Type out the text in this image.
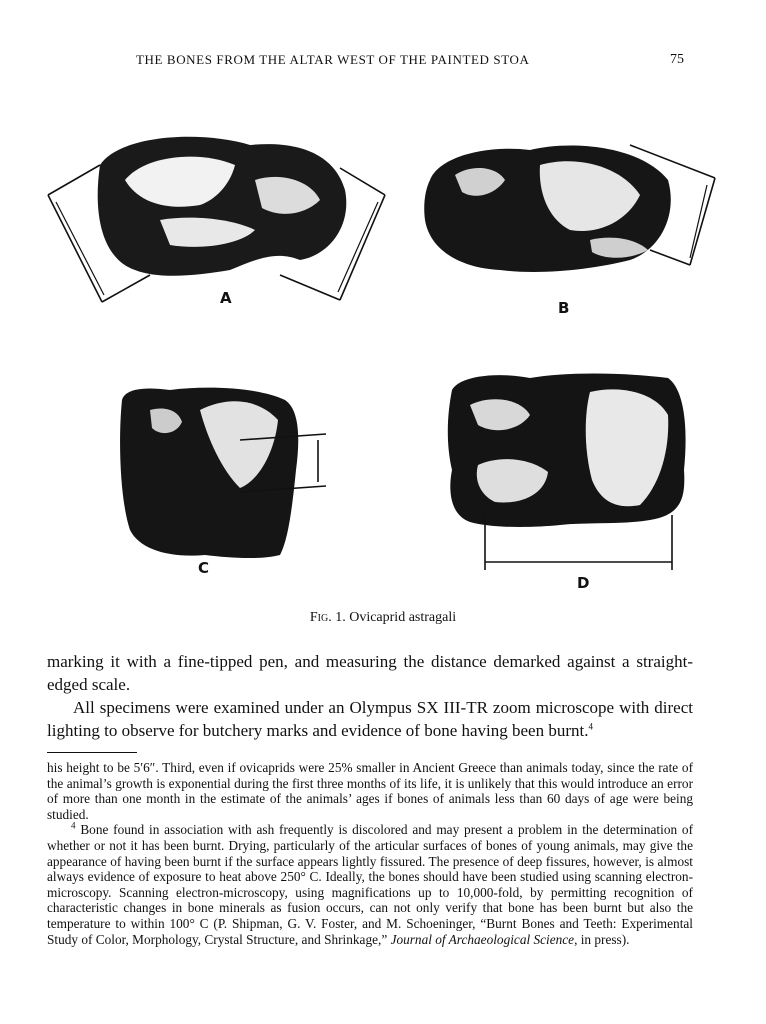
THE BONES FROM THE ALTAR WEST OF THE PAINTED STOA	75
A
B
C
D
Fig. 1. Ovicaprid astragali

marking it with a fine-tipped pen, and measuring the distance demarked against a straight-edged scale.

All specimens were examined under an Olympus SX III-TR zoom microscope with direct lighting to observe for butchery marks and evidence of bone having been burnt.$^4$

his height to be 5′6″. Third, even if ovicaprids were 25% smaller in Ancient Greece than animals today, since the rate of the animal’s growth is exponential during the first three months of its life, it is unlikely that this would introduce an error of more than one month in the estimate of the animals’ ages if bones of animals less than 60 days of age were being studied.

$^4$ Bone found in association with ash frequently is discolored and may present a problem in the determination of whether or not it has been burnt. Drying, particularly of the articular surfaces of bones of young animals, may give the appearance of having been burnt if the surface appears lightly fissured. The presence of deep fissures, however, is almost always evidence of exposure to heat above 250° C. Ideally, the bones should have been studied using scanning electron-microscopy. Scanning electron-microscopy, using magnifications up to 10,000-fold, by permitting recognition of characteristic changes in bone minerals as fusion occurs, can not only verify that bone has been burnt but also the temperature to within 100° C (P. Shipman, G. V. Foster, and M. Schoeninger, “Burnt Bones and Teeth: Experimental Study of Color, Morphology, Crystal Structure, and Shrinkage,” Journal of Archaeological Science, in press).
